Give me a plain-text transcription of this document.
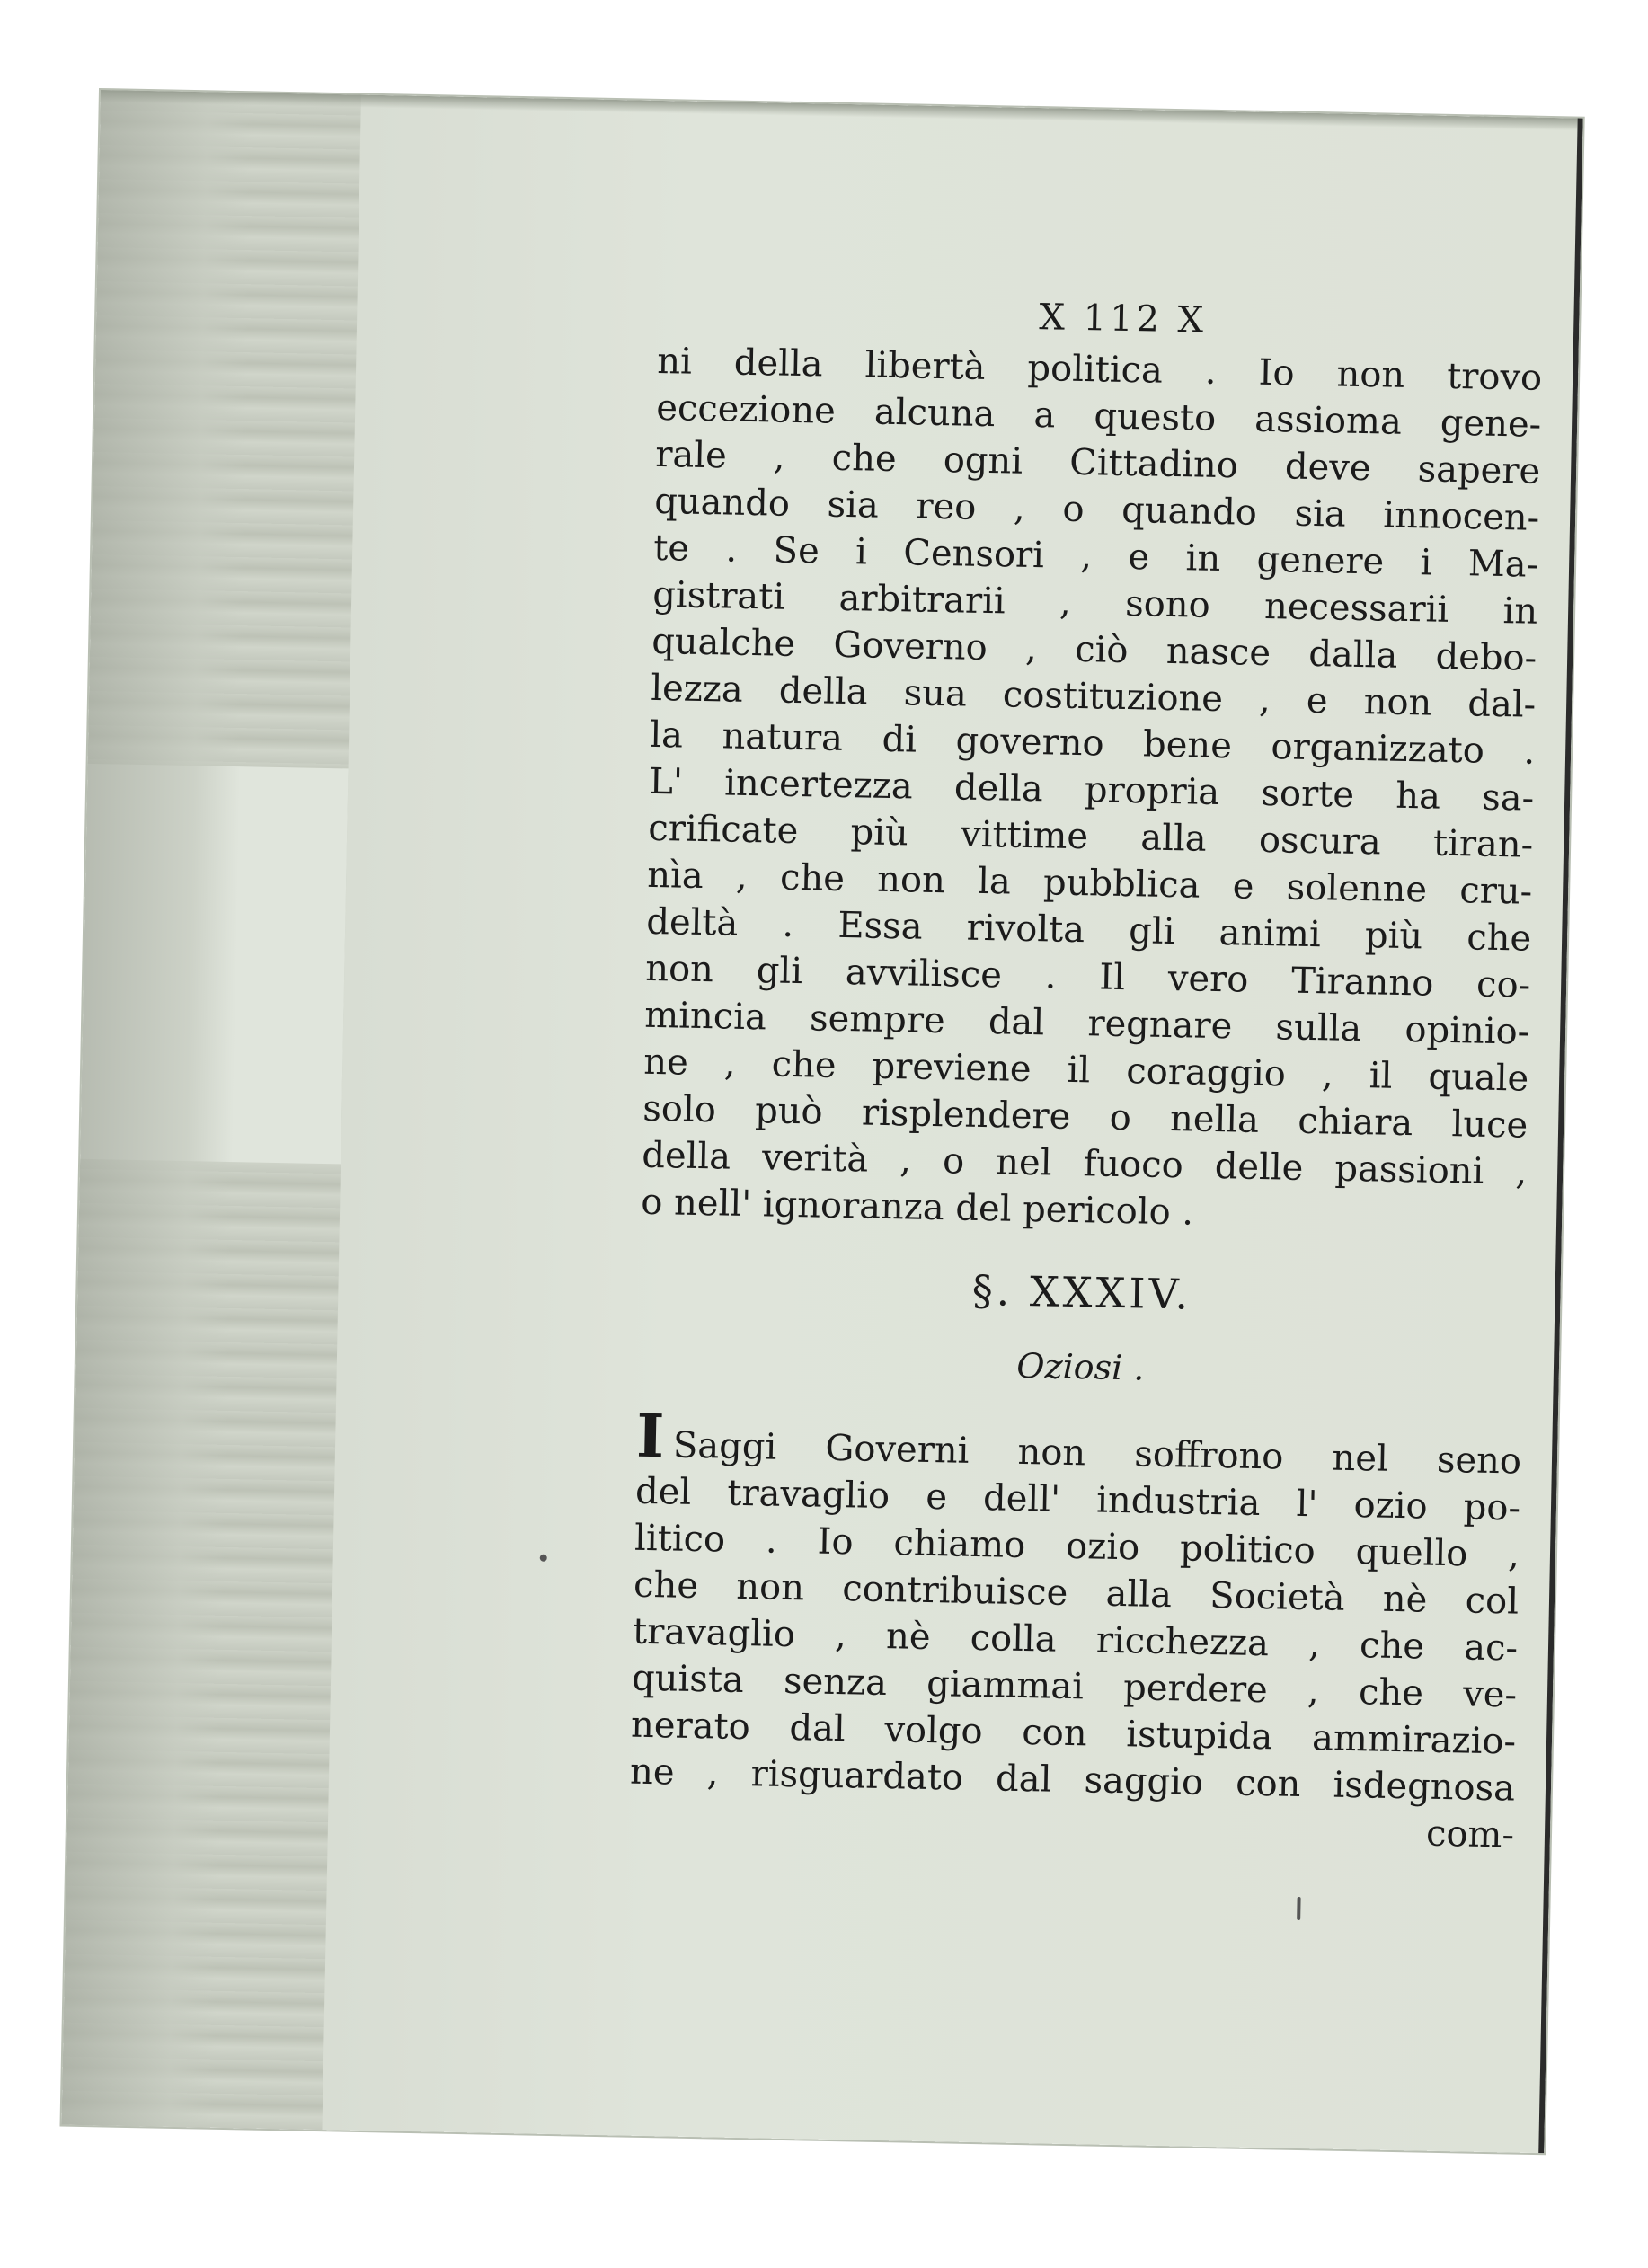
X 112 X
ni della libertà politica . Io non trovo
eccezione alcuna a questo assioma gene-
rale , che ogni Cittadino deve sapere
quando sia reo , o quando sia innocen-
te . Se i Censori , e in genere i Ma-
gistrati arbitrarii , sono necessarii in
qualche Governo , ciò nasce dalla debo-
lezza della sua costituzione , e non dal-
la natura di governo bene organizzato .
L' incertezza della propria sorte ha sa-
crificate più vittime alla oscura tiran-
nìa , che non la pubblica e solenne cru-
deltà . Essa rivolta gli animi più che
non gli avvilisce . Il vero Tiranno co-
mincia sempre dal regnare sulla opinio-
ne , che previene il coraggio , il quale
solo può risplendere o nella chiara luce
della verità , o nel fuoco delle passioni ,
o nell' ignoranza del pericolo .
§. XXXIV.
Oziosi .
I Saggi Governi non soffrono nel seno
del travaglio e dell' industria l' ozio po-
litico . Io chiamo ozio politico quello ,
che non contribuisce alla Società nè col
travaglio , nè colla ricchezza , che ac-
quista senza giammai perdere , che ve-
nerato dal volgo con istupida ammirazio-
ne , risguardato dal saggio con isdegnosa
com-
